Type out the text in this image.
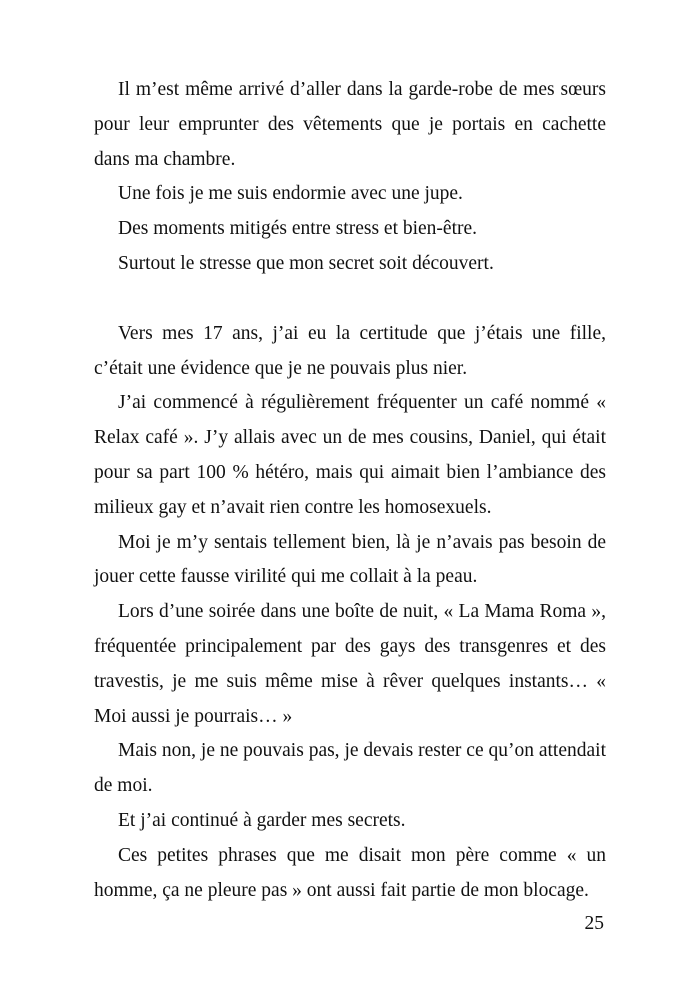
Il m’est même arrivé d’aller dans la garde-robe de mes sœurs pour leur emprunter des vêtements que je portais en cachette dans ma chambre.

Une fois je me suis endormie avec une jupe.

Des moments mitigés entre stress et bien-être.

Surtout le stresse que mon secret soit découvert.

Vers mes 17 ans, j’ai eu la certitude que j’étais une fille, c’était une évidence que je ne pouvais plus nier.

J’ai commencé à régulièrement fréquenter un café nommé « Relax café ». J’y allais avec un de mes cousins, Daniel, qui était pour sa part 100 % hétéro, mais qui aimait bien l’ambiance des milieux gay et n’avait rien contre les homosexuels.

Moi je m’y sentais tellement bien, là je n’avais pas besoin de jouer cette fausse virilité qui me collait à la peau.

Lors d’une soirée dans une boîte de nuit, « La Mama Roma », fréquentée principalement par des gays des transgenres et des travestis, je me suis même mise à rêver quelques instants… « Moi aussi je pourrais… »

Mais non, je ne pouvais pas, je devais rester ce qu’on attendait de moi.

Et j’ai continué à garder mes secrets.

Ces petites phrases que me disait mon père comme « un homme, ça ne pleure pas » ont aussi fait partie de mon blocage.

25
